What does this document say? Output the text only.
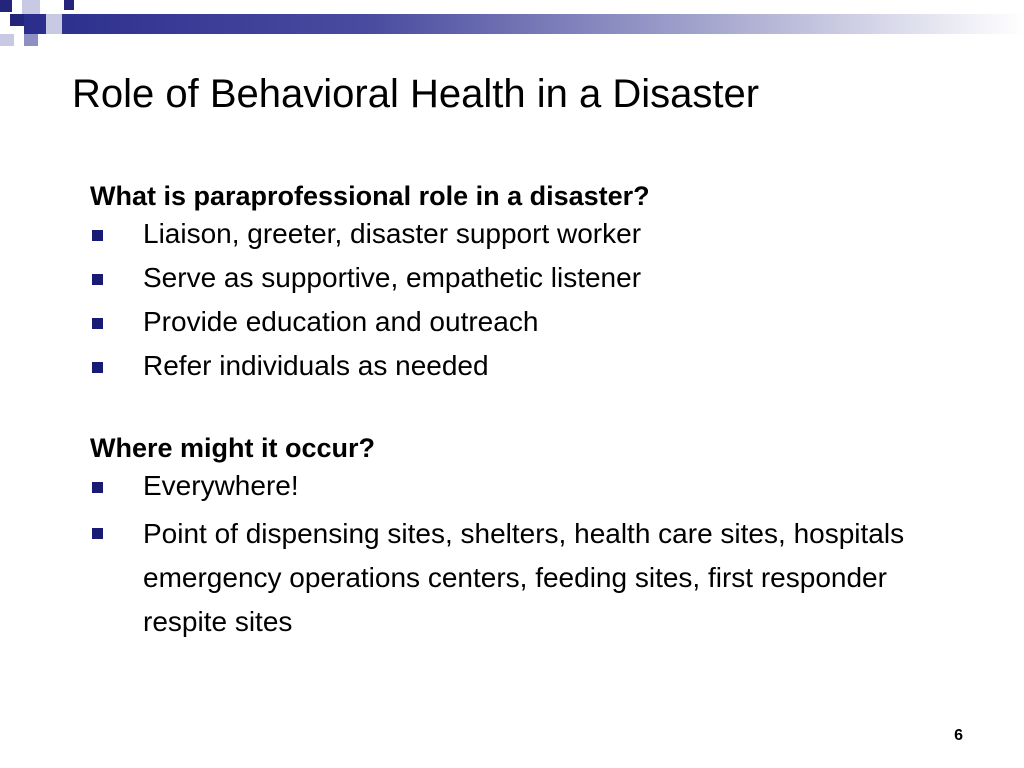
Role of Behavioral Health in a Disaster

What is paraprofessional role in a disaster?

Liaison, greeter, disaster support worker
Serve as supportive, empathetic listener
Provide education and outreach
Refer individuals as needed

Where might it occur?

Everywhere!
Point of dispensing sites, shelters, health care sites, hospitals emergency operations centers, feeding sites, first responder respite sites
6
